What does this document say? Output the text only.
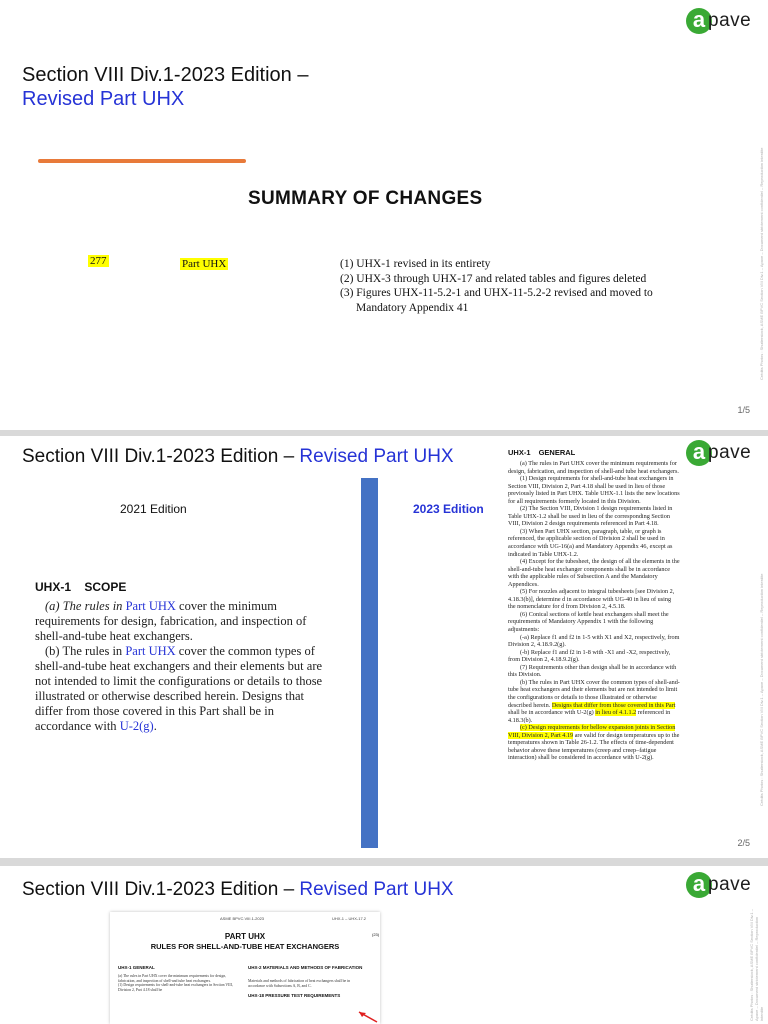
a pave
Crédits Photos : Shutterstock, ASME BPVC Section VIII Div.1 – Apave – Document strictement confidentiel – Reproduction interdite
Section VIII Div.1-2023 Edition –
Revised Part UHX
SUMMARY OF CHANGES
277	Part UHX	(1) UHX-1 revised in its entirety
(2) UHX-3 through UHX-17 and related tables and figures deleted
(3) Figures UHX-11-5.2-1 and UHX-11-5.2-2 revised and moved to
Mandatory Appendix 41
1/5
a pave
Crédits Photos : Shutterstock, ASME BPVC Section VIII Div.1 – Apave – Document strictement confidentiel – Reproduction interdite
Section VIII Div.1-2023 Edition – Revised Part UHX
2021 Edition	2023 Edition
UHX-1 SCOPE

(a) The rules in Part UHX cover the minimum requirements for design, fabrication, and inspection of shell-and-tube heat exchangers.

(b) The rules in Part UHX cover the common types of shell-and-tube heat exchangers and their elements but are not intended to limit the configurations or details to those illustrated or otherwise described herein. Designs that differ from those covered in this Part shall be in accordance with U-2(g).

UHX-1 GENERAL

(a) The rules in Part UHX cover the minimum requirements for design, fabrication, and inspection of shell-and tube heat exchangers.

(1) Design requirements for shell-and-tube heat exchangers in Section VIII, Division 2, Part 4.18 shall be used in lieu of those previously listed in Part UHX. Table UHX-1.1 lists the new locations for all requirements formerly located in this Division.

(2) The Section VIII, Division 1 design requirements listed in Table UHX-1.2 shall be used in lieu of the corresponding Section VIII, Division 2 design requirements referenced in Part 4.18.

(3) When Part UHX section, paragraph, table, or graph is referenced, the applicable section of Division 2 shall be used in accordance with UG-16(a) and Mandatory Appendix 46, except as indicated in Table UHX-1.2.

(4) Except for the tubesheet, the design of all the elements in the shell-and-tube heat exchanger components shall be in accordance with the applicable rules of Subsection A and the Mandatory Appendices.

(5) For nozzles adjacent to integral tubesheets [see Division 2, 4.18.3(b)], determine d in accordance with UG-40 in lieu of using the nomenclature for d from Division 2, 4.5.18.

(6) Conical sections of kettle heat exchangers shall meet the requirements of Mandatory Appendix 1 with the following adjustments:

(-a) Replace f1 and f2 in 1-5 with X1 and X2, respectively, from Division 2, 4.18.9.2(g).

(-b) Replace f1 and f2 in 1-8 with -X1 and -X2, respectively, from Division 2, 4.18.9.2(g).

(7) Requirements other than design shall be in accordance with this Division.

(b) The rules in Part UHX cover the common types of shell-and-tube heat exchangers and their elements but are not intended to limit the configurations or details to those illustrated or otherwise described herein. Designs that differ from those covered in this Part shall be in accordance with U-2(g) in lieu of 4.1.1.2 referenced in 4.18.3(b).

(c) Design requirements for bellow expansion joints in Section VIII, Division 2, Part 4.19 are valid for design temperatures up to the temperatures shown in Table 26-1.2. The effects of time-dependent behavior above these temperatures (creep and creep–fatigue interaction) shall be considered in accordance with U-2(g).

2/5
a pave
Crédits Photos : Shutterstock, ASME BPVC Section VIII Div.1 – Apave – Document strictement confidentiel – Reproduction interdite
Section VIII Div.1-2023 Edition – Revised Part UHX
ASME BPVC.VIII.1-2023	UHX-1 – UHX-17.2
PART UHX
RULES FOR SHELL-AND-TUBE HEAT EXCHANGERS
(23)
UHX-1 GENERAL
(a) The rules in Part UHX cover the minimum requirements for design, fabrication, and inspection of shell-and tube heat exchangers.
(1) Design requirements for shell-and-tube heat exchangers in Section VIII, Division 2, Part 4.18 shall be
UHX-2 MATERIALS AND METHODS OF FABRICATION
Materials and methods of fabrication of heat exchangers shall be in accordance with Subsections A, B, and C.
UHX-18 PRESSURE TEST REQUIREMENTS
